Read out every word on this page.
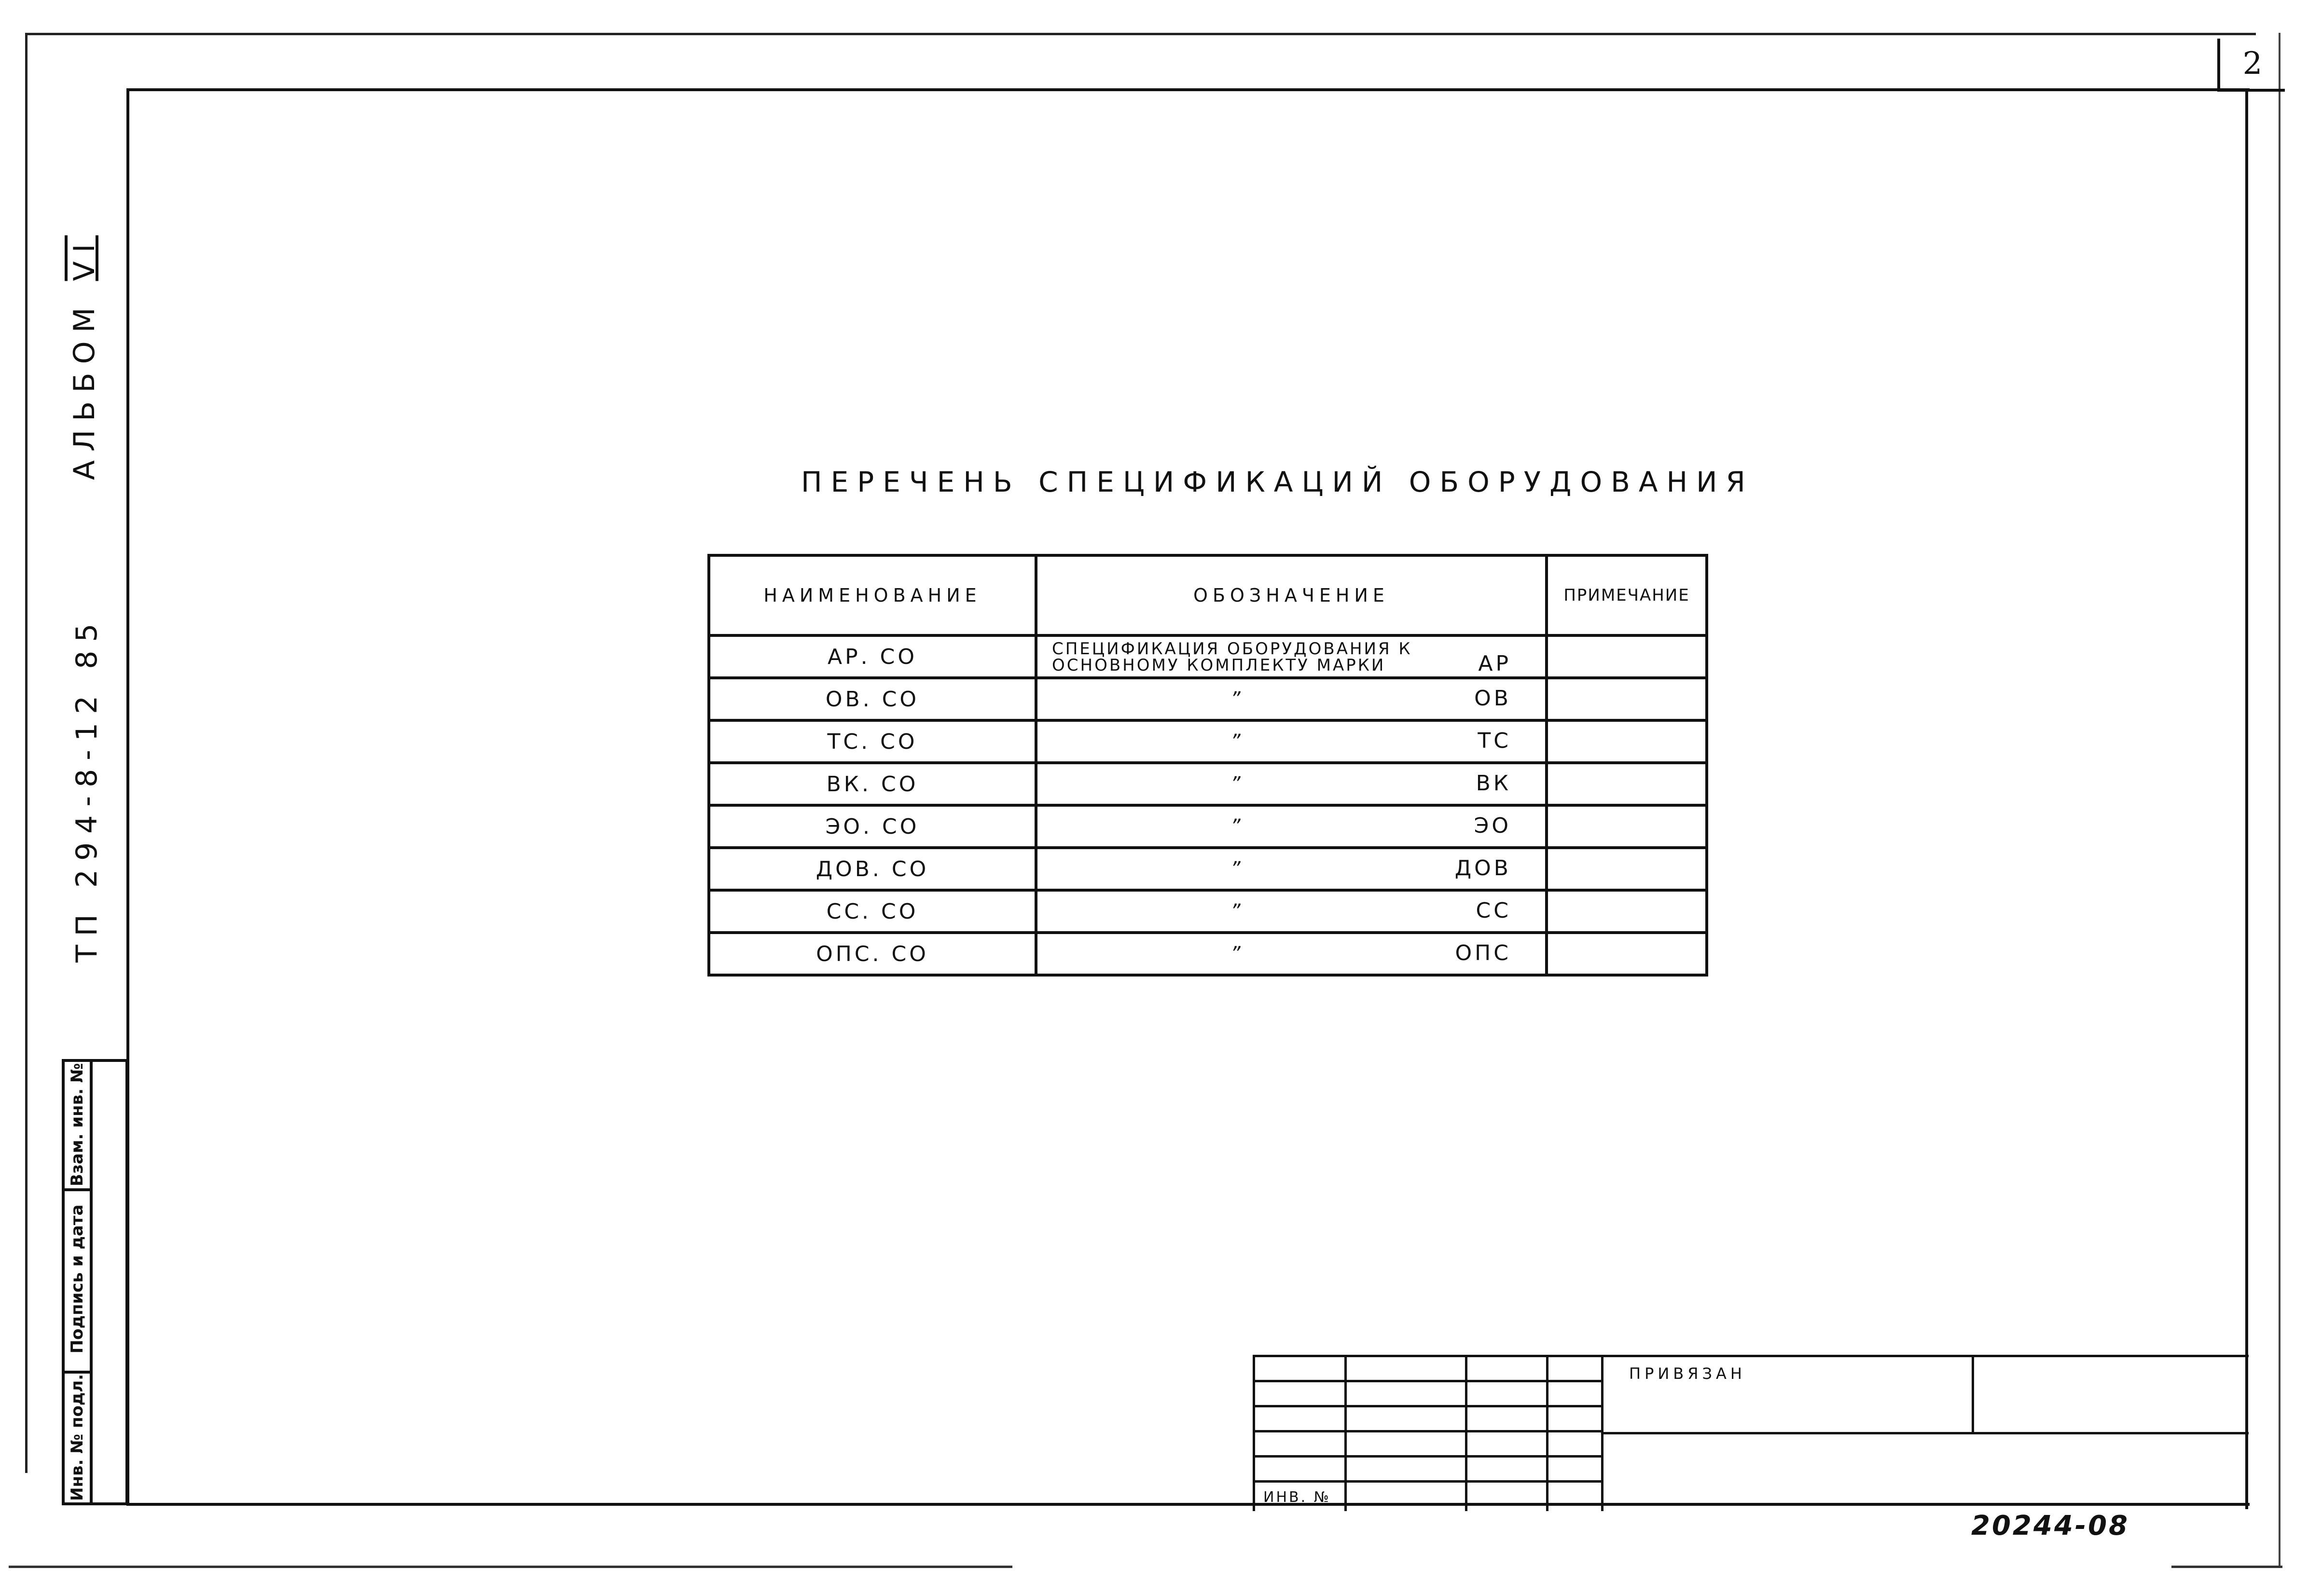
2
АЛЬБОМ VI
ТП 294-8-12 85
Взам. инв. №
Подпись и дата
Инв. № подл.
ПЕРЕЧЕНЬ СПЕЦИФИКАЦИЙ ОБОРУДОВАНИЯ
НАИМЕНОВАНИЕ	ОБОЗНАЧЕНИЕ	ПРИМЕЧАНИЕ
АР. СО	СПЕЦИФИКАЦИЯ ОБОРУДОВАНИЯ К
ОСНОВНОМУ КОМПЛЕКТУ МАРКИ АР	

ОВ. СО	” ОВ	

ТС. СО	” ТС	

ВК. СО	” ВК	

ЭО. СО	” ЭО	

ДОВ. СО	” ДОВ	

СС. СО	” СС	

ОПС. СО	” ОПС	

ПРИВЯЗАН
ИНВ. №
20244-08
